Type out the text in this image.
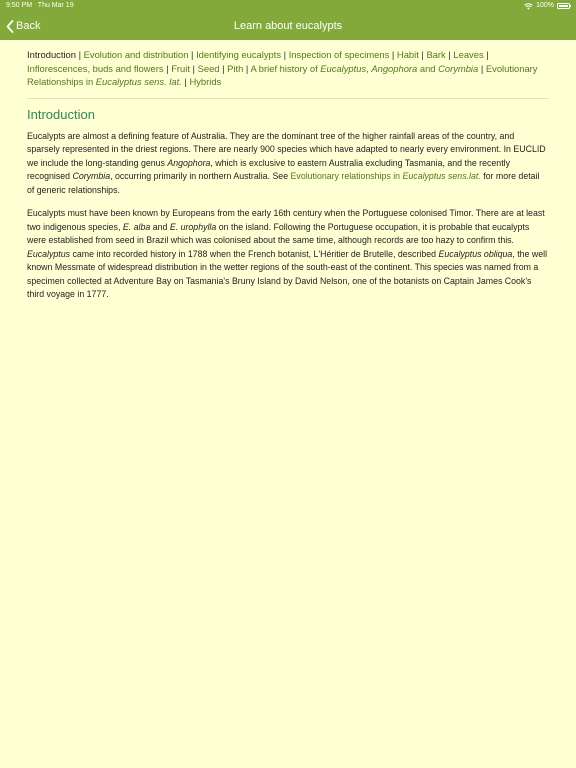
9:50 PM Thu Mar 19	100%
Back	Learn about eucalypts
Introduction | Evolution and distribution | Identifying eucalypts | Inspection of specimens | Habit | Bark | Leaves | Inflorescences, buds and flowers | Fruit | Seed | Pith | A brief history of Eucalyptus, Angophora and Corymbia | Evolutionary Relationships in Eucalyptus sens. lat. | Hybrids
Introduction

Eucalypts are almost a defining feature of Australia. They are the dominant tree of the higher rainfall areas of the country, and sparsely represented in the driest regions. There are nearly 900 species which have adapted to nearly every environment. In EUCLID we include the long-standing genus Angophora, which is exclusive to eastern Australia excluding Tasmania, and the recently recognised Corymbia, occurring primarily in northern Australia. See Evolutionary relationships in Eucalyptus sens.lat. for more detail of generic relationships.

Eucalypts must have been known by Europeans from the early 16th century when the Portuguese colonised Timor. There are at least two indigenous species, E. alba and E. urophylla on the island. Following the Portuguese occupation, it is probable that eucalypts were established from seed in Brazil which was colonised about the same time, although records are too hazy to confirm this. Eucalyptus came into recorded history in 1788 when the French botanist, L'Héritier de Brutelle, described Eucalyptus obliqua, the well known Messmate of widespread distribution in the wetter regions of the south-east of the continent. This species was named from a specimen collected at Adventure Bay on Tasmania's Bruny Island by David Nelson, one of the botanists on Captain James Cook's third voyage in 1777.
